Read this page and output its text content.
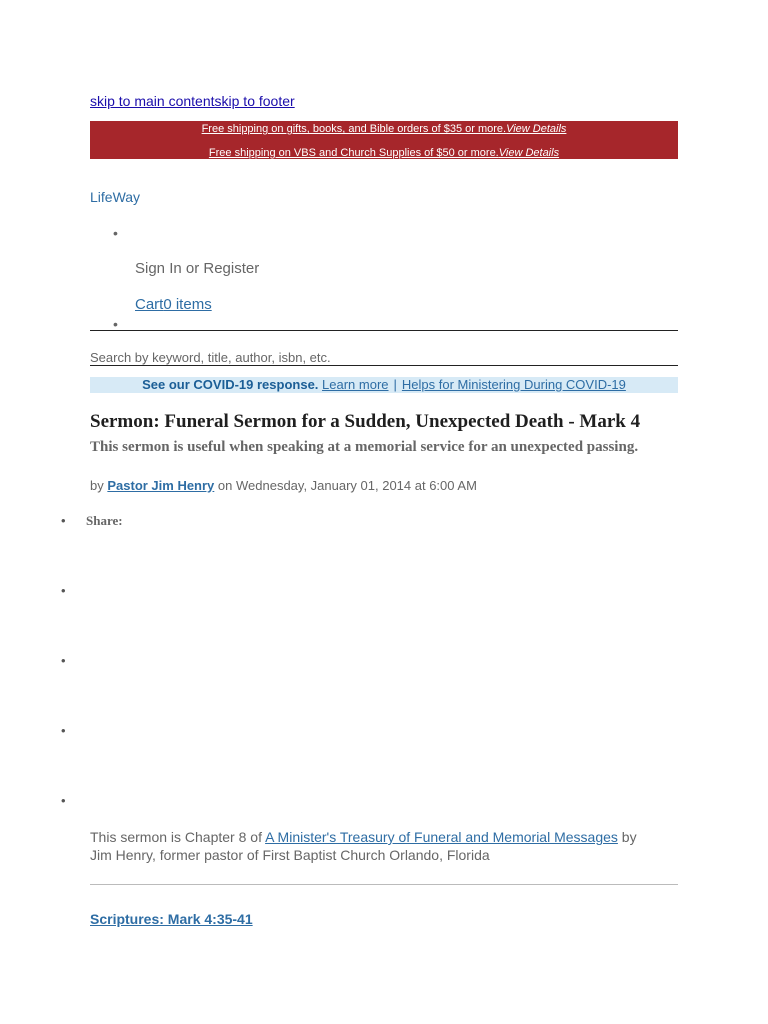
skip to main contentskip to footer
Free shipping on gifts, books, and Bible orders of $35 or more.View Details
Free shipping on VBS and Church Supplies of $50 or more.View Details
LifeWay
•
Sign In or Register
Cart0 items
•
Search by keyword, title, author, isbn, etc.
See our COVID-19 response. Learn more | Helps for Ministering During COVID-19
Sermon: Funeral Sermon for a Sudden, Unexpected Death - Mark 4
This sermon is useful when speaking at a memorial service for an unexpected passing.
by Pastor Jim Henry on Wednesday, January 01, 2014 at 6:00 AM
• Share:
•
•
•
•
This sermon is Chapter 8 of A Minister's Treasury of Funeral and Memorial Messages by Jim Henry, former pastor of First Baptist Church Orlando, Florida
Scriptures: Mark 4:35-41
